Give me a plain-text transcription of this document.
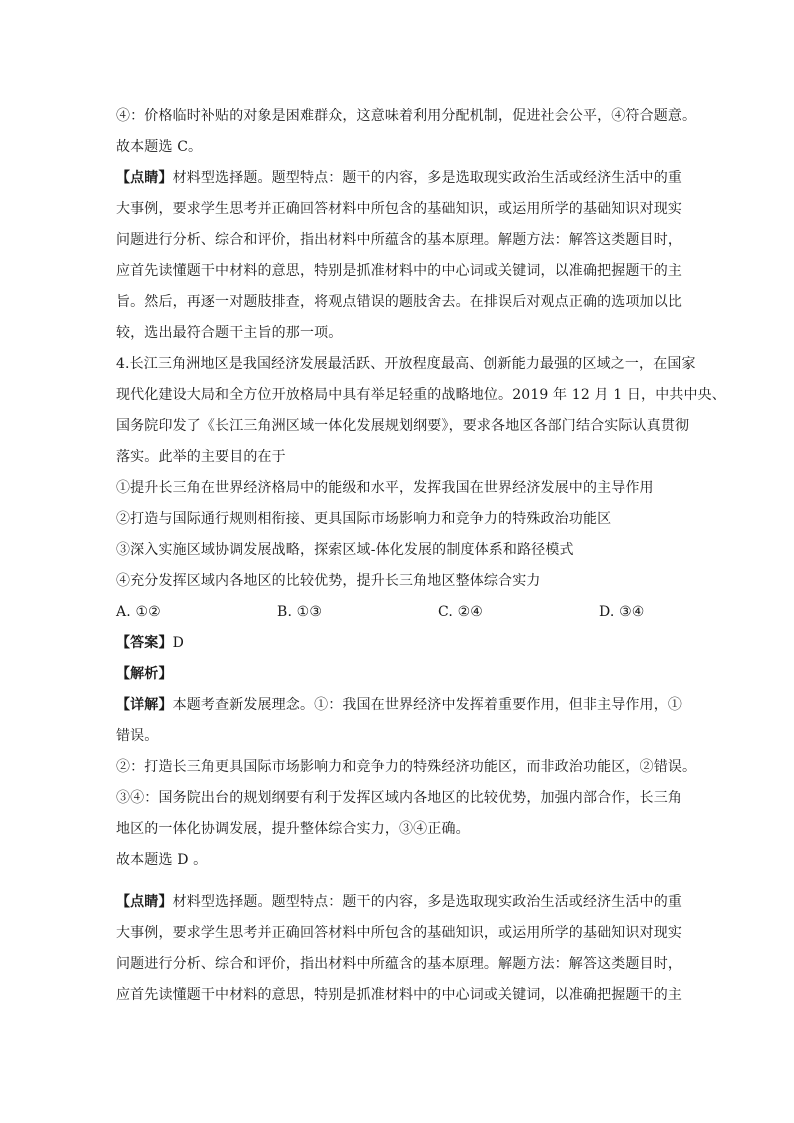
④：价格临时补贴的对象是困难群众，这意味着利用分配机制，促进社会公平，④符合题意。
故本题选 C。
【点睛】材料型选择题。题型特点：题干的内容，多是选取现实政治生活或经济生活中的重
大事例，要求学生思考并正确回答材料中所包含的基础知识，或运用所学的基础知识对现实
问题进行分析、综合和评价，指出材料中所蕴含的基本原理。解题方法：解答这类题目时，
应首先读懂题干中材料的意思，特别是抓准材料中的中心词或关键词，以准确把握题干的主
旨。然后，再逐一对题肢排查，将观点错误的题肢舍去。在排误后对观点正确的选项加以比
较，选出最符合题干主旨的那一项。
4.长江三角洲地区是我国经济发展最活跃、开放程度最高、创新能力最强的区域之一，在国家
现代化建设大局和全方位开放格局中具有举足轻重的战略地位。2019 年 12 月 1 日，中共中央、
国务院印发了《长江三角洲区域一体化发展规划纲要》，要求各地区各部门结合实际认真贯彻
落实。此举的主要目的在于
①提升长三角在世界经济格局中的能级和水平，发挥我国在世界经济发展中的主导作用
②打造与国际通行规则相衔接、更具国际市场影响力和竞争力的特殊政治功能区
③深入实施区域协调发展战略，探索区域-体化发展的制度体系和路径模式
④充分发挥区域内各地区的比较优势，提升长三角地区整体综合实力
A. ①②	B. ①③	C. ②④	D. ③④
【答案】D
【解析】
【详解】本题考查新发展理念。①：我国在世界经济中发挥着重要作用，但非主导作用，①
错误。
②：打造长三角更具国际市场影响力和竞争力的特殊经济功能区，而非政治功能区，②错误。
③④：国务院出台的规划纲要有利于发挥区域内各地区的比较优势，加强内部合作，长三角
地区的一体化协调发展，提升整体综合实力，③④正确。
故本题选 D 。
【点睛】材料型选择题。题型特点：题干的内容，多是选取现实政治生活或经济生活中的重
大事例，要求学生思考并正确回答材料中所包含的基础知识，或运用所学的基础知识对现实
问题进行分析、综合和评价，指出材料中所蕴含的基本原理。解题方法：解答这类题目时，
应首先读懂题干中材料的意思，特别是抓准材料中的中心词或关键词，以准确把握题干的主
